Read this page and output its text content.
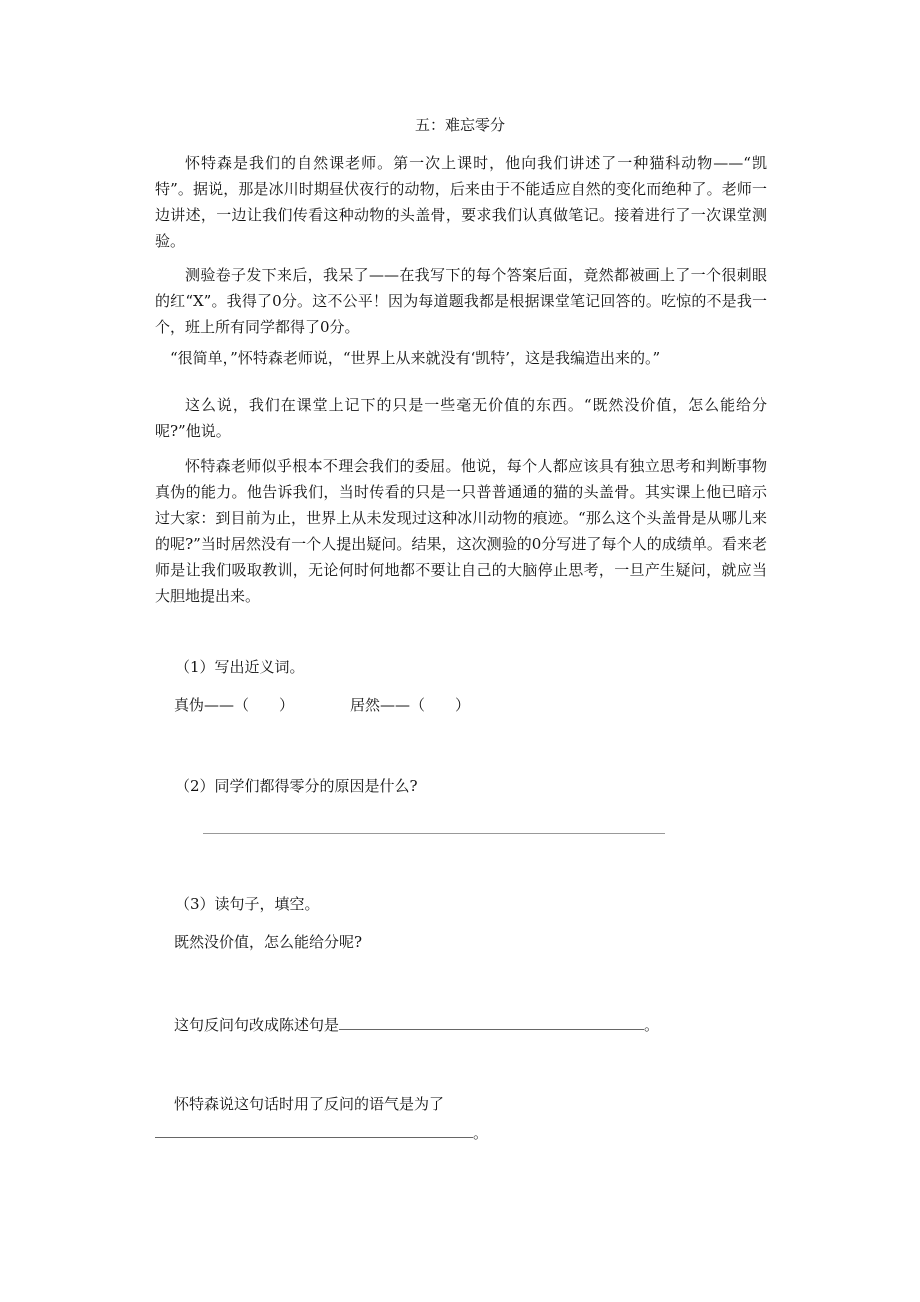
五：难忘零分

怀特森是我们的自然课老师。第一次上课时，他向我们讲述了一种猫科动物——“凯特”。据说，那是冰川时期昼伏夜行的动物，后来由于不能适应自然的变化而绝种了。老师一边讲述，一边让我们传看这种动物的头盖骨，要求我们认真做笔记。接着进行了一次课堂测验。

测验卷子发下来后，我呆了——在我写下的每个答案后面，竟然都被画上了一个很刺眼的红“X”。我得了0分。这不公平！因为每道题我都是根据课堂笔记回答的。吃惊的不是我一个，班上所有同学都得了0分。

“很简单，”怀特森老师说，“世界上从来就没有‘凯特’，这是我编造出来的。”

这么说，我们在课堂上记下的只是一些毫无价值的东西。“既然没价值，怎么能给分呢?”他说。

怀特森老师似乎根本不理会我们的委屈。他说，每个人都应该具有独立思考和判断事物真伪的能力。他告诉我们，当时传看的只是一只普普通通的猫的头盖骨。其实课上他已暗示过大家：到目前为止，世界上从未发现过这种冰川动物的痕迹。“那么这个头盖骨是从哪儿来的呢?”当时居然没有一个人提出疑问。结果，这次测验的0分写进了每个人的成绩单。看来老师是让我们吸取教训，无论何时何地都不要让自己的大脑停止思考，一旦产生疑问，就应当大胆地提出来。

（1）写出近义词。
真伪——（　　）	居然——（　　）
（2）同学们都得零分的原因是什么?
（3）读句子，填空。
既然没价值，怎么能给分呢?
这句反问句改成陈述句是	。
怀特森说这句话时用了反问的语气是为了
。
